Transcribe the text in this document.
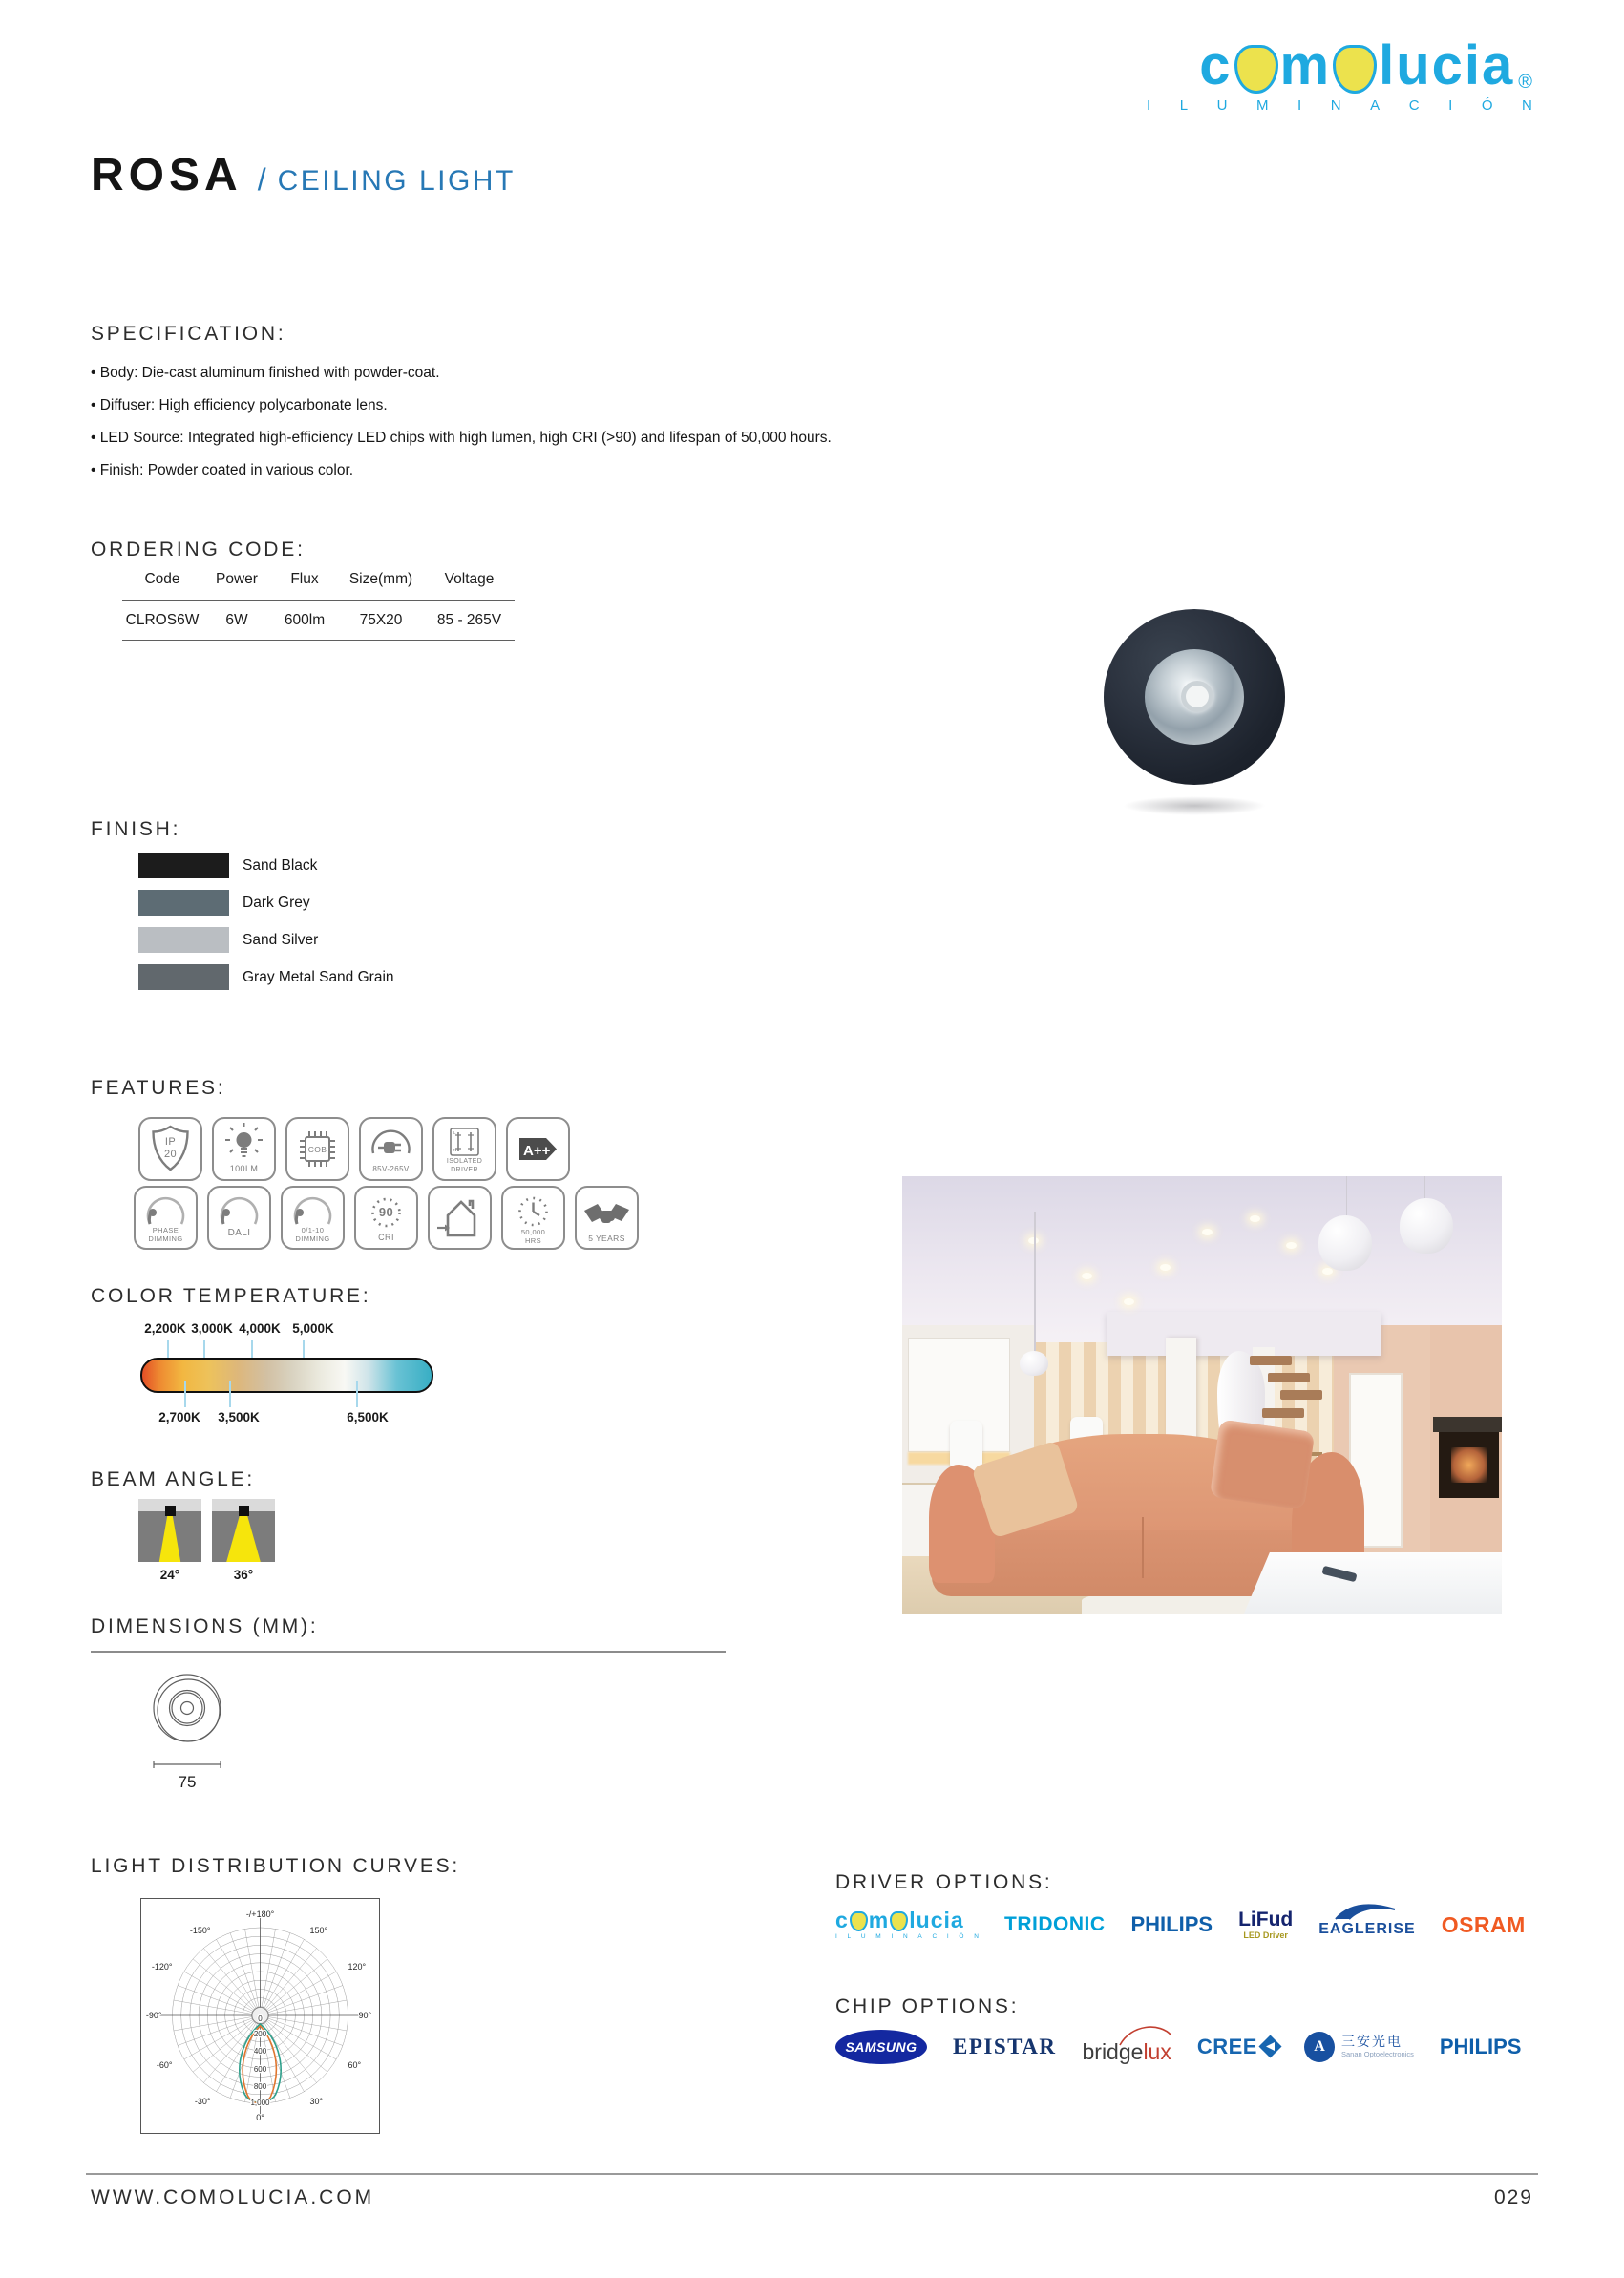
c m lucia ®
I L U M I N A C I Ó N
ROSA / CEILING LIGHT
SPECIFICATION:
• Body: Die-cast aluminum finished with powder-coat.
• Diffuser: High efficiency polycarbonate lens.
• LED Source: Integrated high-efficiency LED chips with high lumen, high CRI (>90) and lifespan of 50,000 hours.
• Finish: Powder coated in various color.
ORDERING CODE:
Code	Power	Flux	Size(mm)	Voltage
CLROS6W	6W	600lm	75X20	85 - 265V
FINISH:
Sand Black
Dark Grey
Sand Silver
Gray Metal Sand Grain
FEATURES:
IP
20
100LM
COB
85V-265V
L
N
ISOLATED
DRIVER
A++
PHASE
DIMMING
DALI	0/1-10
DIMMING
90
CRI
50,000
HRS	5 YEARS
COLOR TEMPERATURE:
2,200K 3,000K 4,000K 5,000K
2,700K 3,500K	6,500K
BEAM ANGLE:
24°	36°
DIMENSIONS (MM):
75
LIGHT DISTRIBUTION CURVES:
-/+180°
-150°	150°
-120°	120°
-90°	90°
-60°	60°
-30°	30°
0°
0
200
400
600
800
1,000
DRIVER OPTIONS:
c m lucia
I L U M I N A C I Ó N
TRIDONIC PHILIPS LiFud
LED Driver EAGLERISE OSRAM
CHIP OPTIONS:
SAMSUNG	EPISTAR bridgelux CREE	A	三安光电
Sanan Optoelectronics PHILIPS
WWW.COMOLUCIA.COM	029
